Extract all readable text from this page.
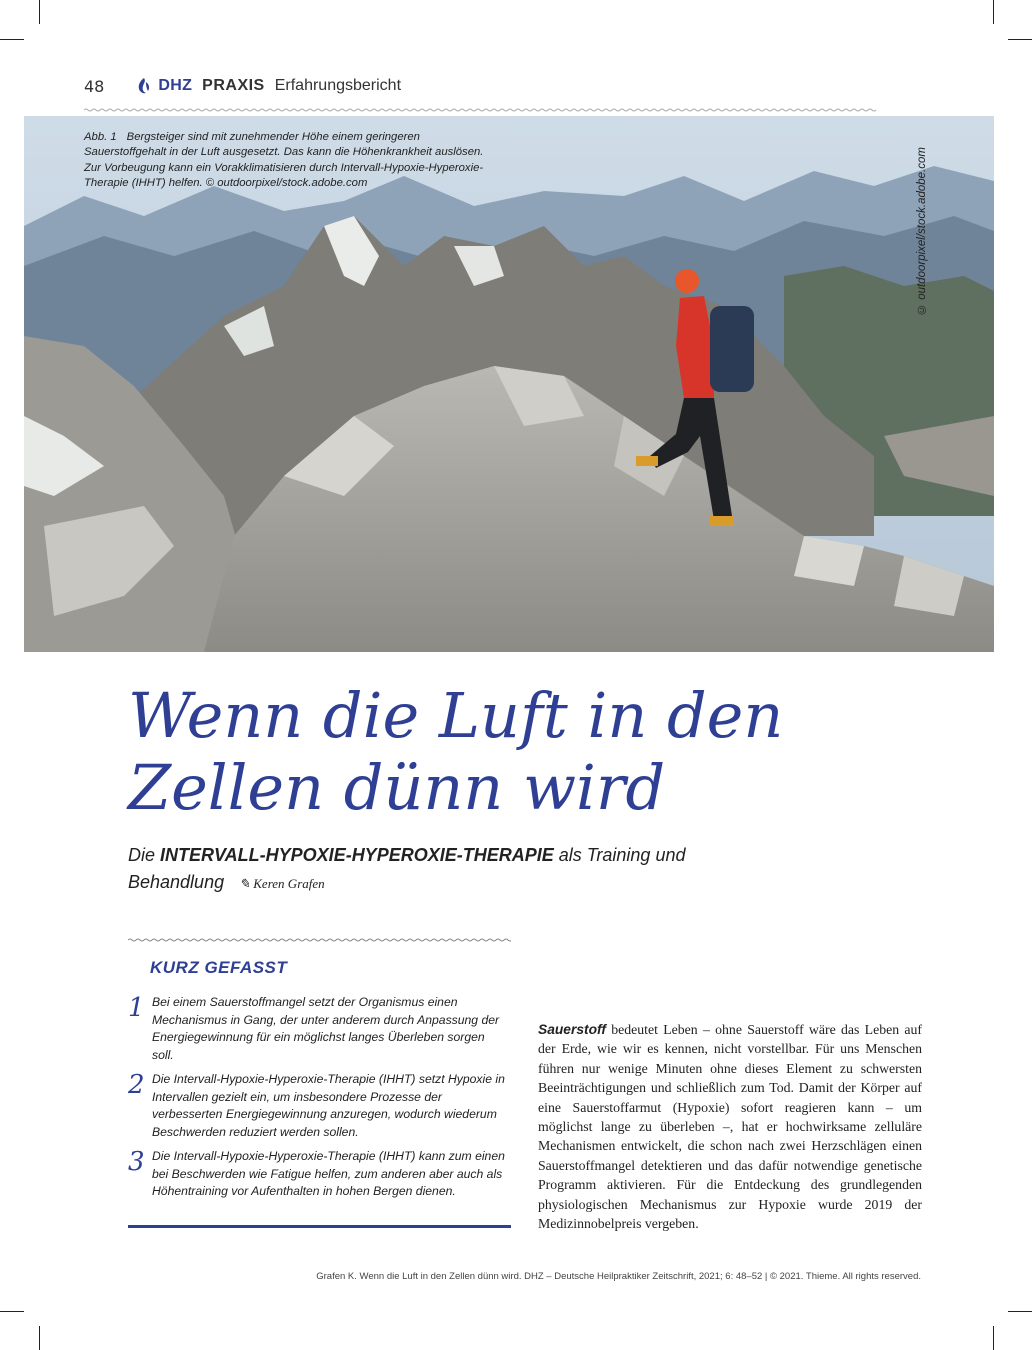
48	DHZ PRAXIS Erfahrungsbericht
Abb. 1 Bergsteiger sind mit zunehmender Höhe einem geringeren Sauerstoffgehalt in der Luft ausgesetzt. Das kann die Höhenkrankheit auslösen. Zur Vorbeugung kann ein Vorakklimatisieren durch Intervall-Hypoxie-Hyperoxie-Therapie (IHHT) helfen. © outdoorpixel/stock.adobe.com	© outdoorpixel/stock.adobe.com
Wenn die Luft in den Zellen dünn wird
Die INTERVALL-HYPOXIE-HYPEROXIE-THERAPIE als Training und Behandlung ✎ Keren Grafen
KURZ GEFASST
1 Bei einem Sauerstoffmangel setzt der Organismus einen Mechanismus in Gang, der unter anderem durch Anpassung der Energiegewinnung für ein möglichst langes Überleben sorgen soll.
2 Die Intervall-Hypoxie-Hyperoxie-Therapie (IHHT) setzt Hypoxie in Intervallen gezielt ein, um insbesondere Prozesse der verbesserten Energiegewinnung anzuregen, wodurch wiederum Beschwerden reduziert werden sollen.
3 Die Intervall-Hypoxie-Hyperoxie-Therapie (IHHT) kann zum einen bei Beschwerden wie Fatigue helfen, zum anderen aber auch als Höhentraining vor Aufenthalten in hohen Bergen dienen.

Sauerstoff bedeutet Leben – ohne Sauerstoff wäre das Leben auf der Erde, wie wir es kennen, nicht vorstellbar. Für uns Menschen führen nur wenige Minuten ohne dieses Element zu schwersten Beeinträchtigungen und schließlich zum Tod. Damit der Körper auf eine Sauerstoffarmut (Hypoxie) sofort reagieren kann – um möglichst lange zu überleben –, hat er hochwirksame zelluläre Mechanismen entwickelt, die schon nach zwei Herzschlägen einen Sauerstoffmangel detektieren und das dafür notwendige genetische Programm aktivieren. Für die Entdeckung des grundlegenden physiologischen Mechanismus zur Hypoxie wurde 2019 der Medizinnobelpreis vergeben.

Grafen K. Wenn die Luft in den Zellen dünn wird. DHZ – Deutsche Heilpraktiker Zeitschrift, 2021; 6: 48–52 | © 2021. Thieme. All rights reserved.
